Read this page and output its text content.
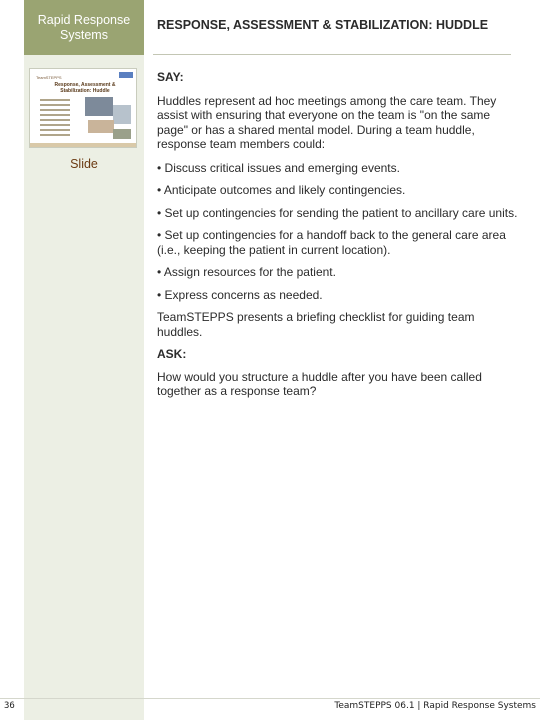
Rapid Response Systems
TeamSTEPPS
Response, Assessment & Stabilization: Huddle
Slide
RESPONSE, ASSESSMENT & STABILIZATION: HUDDLE

SAY:

Huddles represent ad hoc meetings among the care team. They assist with ensuring that everyone on the team is "on the same page" or has a shared mental model. During a team huddle, response team members could:

• Discuss critical issues and emerging events.

• Anticipate outcomes and likely contingencies.

• Set up contingencies for sending the patient to ancillary care units.

• Set up contingencies for a handoff back to the general care area (i.e., keeping the patient in current location).

• Assign resources for the patient.

• Express concerns as needed.

TeamSTEPPS presents a briefing checklist for guiding team huddles.

ASK:

How would you structure a huddle after you have been called together as a response team?

36	TeamSTEPPS 06.1 | Rapid Response Systems
